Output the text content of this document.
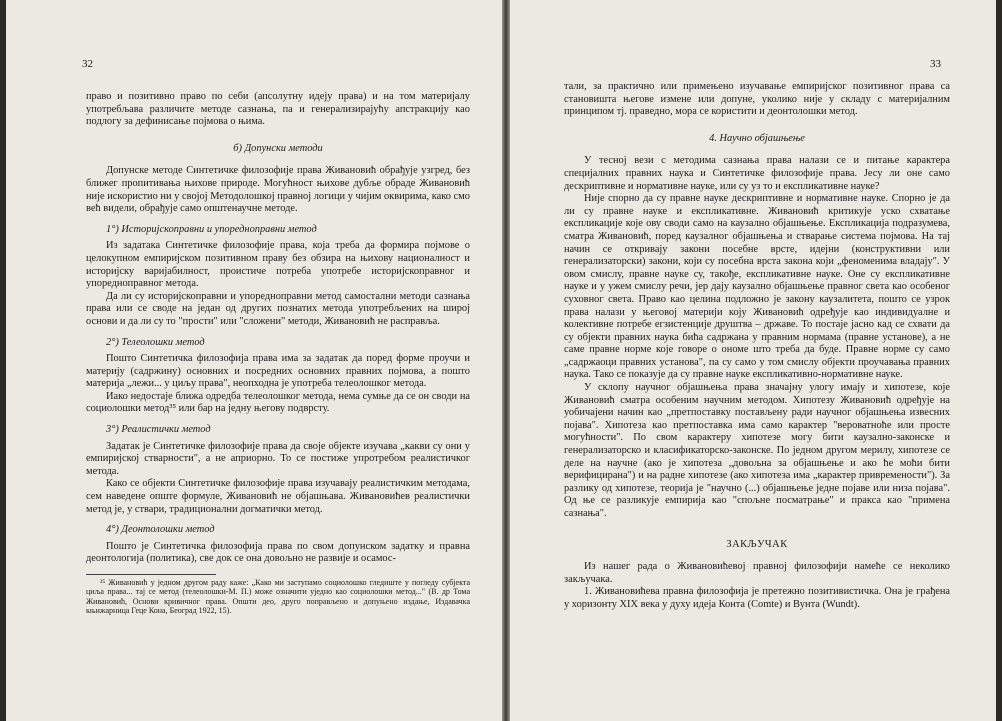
32

право и позитивно право по себи (апсолутну идеју права) и на том материјалу употребљава различите методе сазнања, па и генерализирајућу апстракцију као подлогу за дефинисање појмова о њима.

б) Допунски методи

Допунске методе Синтетичке филозофије права Живановић обрађује узгред, без ближег пропитивања њихове природе. Могућност њихове дубље обраде Живановић није искористио ни у својој Методолошкој правној логици у чијим оквирима, како смо већ видели, обрађује само општенаучне методе.

1°) Историјскоправни и упоредноправни метод

Из задатака Синтетичке филозофије права, која треба да формира појмове о целокупном емпиријском позитивном праву без обзира на њихову националност и историјску варијабилност, проистиче потреба употребе историјскоправног и упоредноправног метода.

Да ли су историјскоправни и упоредноправни метод самостални методи сазнања права или се своде на један од других познатих метода употребљених на широј основи и да ли су то "прости" или "сложени" методи, Живановић не расправља.

2°) Телеолошки метод

Пошто Синтетичка филозофија права има за задатак да поред форме проучи и материју (садржину) основних и посредних основних правних појмова, а пошто материја „лежи... у циљу права", неопходна је употреба телеолошког метода.

Иако недостаје ближа одредба телеолошког метода, нема сумње да се он своди на социолошки метод³⁵ или бар на једну његову подврсту.

3°) Реалистички метод

Задатак је Синтетичке филозофије права да своје објекте изучава „какви су они у емпиријској стварности", а не априорно. То се постиже упротребом реалистичког метода.

Како се објекти Синтетичке филозофије права изучавају реалистичким методама, сем наведене опште формуле, Живановић не објашњава. Живановићев реалистички метод је, у ствари, традиционални догматички метод.

4°) Деонтолошки метод

Пошто је Синтетичка филозофија права по свом допунском задатку и правна деонтологија (политика), све док се она довољно не развије и осамос-

³⁵ Живановић у једном другом раду каже: „Како ми заступамо социолошко гледиште у погледу субјекта циља права... тај се метод (телеолошки-М. П.) може означити уједно као социолошки метод..." (В. др Тома Живановић, Основи кривичног права. Општи део, друго поправљено и допуњено издање, Издавачка књижарница Геце Кона, Београд 1922, 15).
33

тали, за практично или примењено изучавање емпиријског позитивног права са становишта његове измене или допуне, уколико није у складу с материјалним принципом тј. праведно, мора се користити и деонтолошки метод.

4. Научно објашњење

У тесној вези с методима сазнања права налази се и питање карактера специјалних правних наука и Синтетичке филозофије права. Јесу ли оне само дескриптивне и нормативне науке, или су уз то и експликативне науке?

Није спорно да су правне науке дескриптивне и нормативне науке. Спорно је да ли су правне науке и експликативне. Живановић критикује уско схватање експликације које ову своди само на каузално објашњење. Експликација подразумева, сматра Живановић, поред каузалног објашњења и стварање система појмова. На тај начин се откривају закони посебне врсте, идејни (конструктивни или генерализаторски) закони, који су посебна врста закона који „феноменима владају". У овом смислу, правне науке су, такође, експликативне науке. Оне су експликативне науке и у ужем смислу речи, јер дају каузално објашњење правног света као особеног суховног света. Право као целина подложно је закону каузалитета, пошто се узрок права налази у његовој материји коју Живановић одређује као индивидуалне и колективне потребе егзистенције друштва – државе. То постаје јасно кад се схвати да су објекти правних наука бића садржана у правним нормама (правне установе), а не саме правне норме које говоре о ономе што треба да буде. Правне норме су само „садржаоци правних установа", па су само у том смислу објекти проучавања правних наука. Тако се показује да су правне науке експликативно-нормативне науке.

У склопу научног објашњења права значајну улогу имају и хипотезе, које Живановић сматра особеним научним методом. Хипотезу Живановић одређује на уобичајени начин као „претпоставку постављену ради научног објашњења извесних појава". Хипотеза као претпоставка има само карактер "вероватноће или просте могућности". По свом карактеру хипотезе могу бити каузално-законске и генерализаторско и класификаторско-законске. По једном другом мерилу, хипотезе се деле на научне (ако је хипотеза „довољна за објашњење и ако ће моћи бити верифицирана") и на радне хипотезе (ако хипотеза има „карактер привремености"). За разлику од хипотезе, теорија је "научно (...) објашњење једне појаве или низа појава". Од ње се разликује емпирија као "спољне посматрање" и пракса као "примена сазнања".

ЗАКЉУЧАК

Из нашег рада о Живановићевој правној филозофији намеће се неколико закључака.

1. Живановићева правна филозофија је претежно позитивистичка. Она је грађена у хоризонту XIX века у духу идеја Конта (Comte) и Вунта (Wundt).
